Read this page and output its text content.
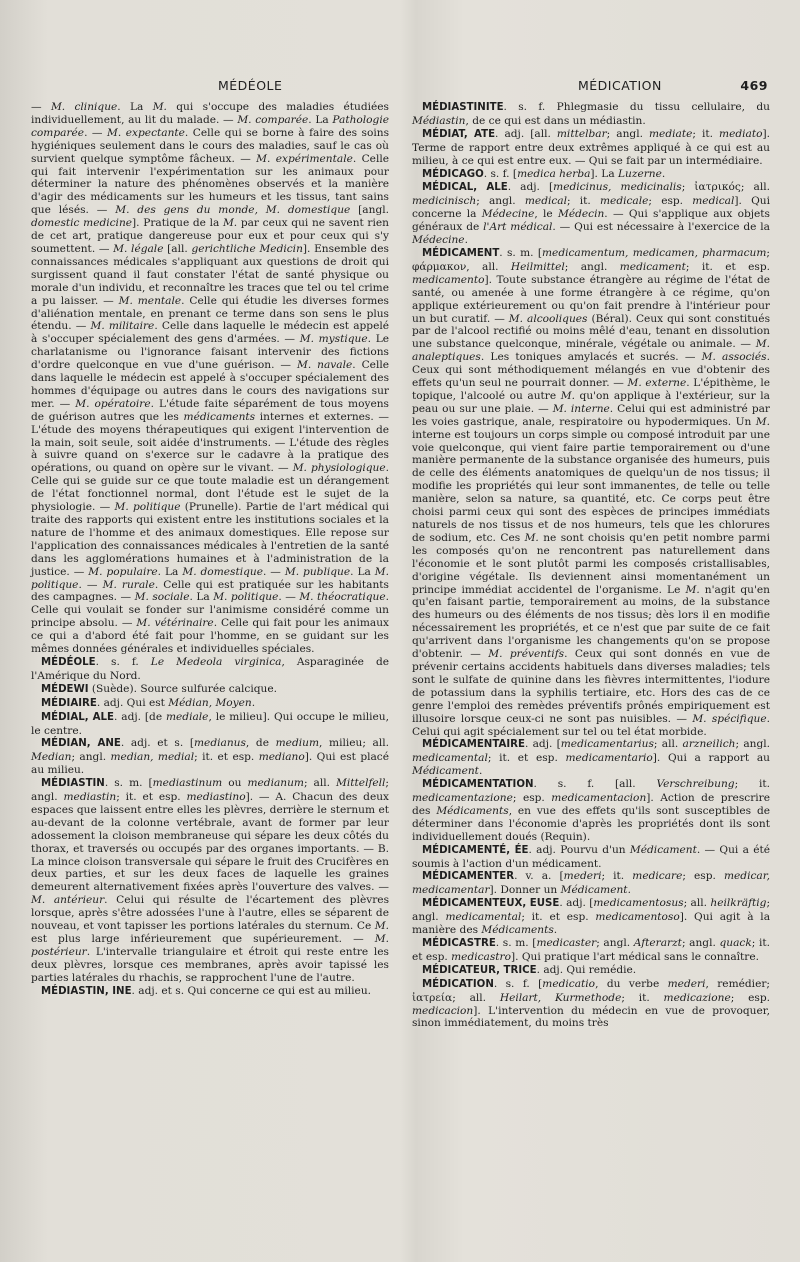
MÉDÉOLE	MÉDICATION	469

— M. clinique. La M. qui s'occupe des maladies étudiées individuellement, au lit du malade. — M. comparée. La Pathologie comparée. — M. expectante. Celle qui se borne à faire des soins hygiéniques seulement dans le cours des maladies, sauf le cas où survient quelque symptôme fâcheux. — M. expérimentale. Celle qui fait intervenir l'expérimentation sur les animaux pour déterminer la nature des phénomènes observés et la manière d'agir des médicaments sur les humeurs et les tissus, tant sains que lésés. — M. des gens du monde, M. domestique [angl. domestic medicine]. Pratique de la M. par ceux qui ne savent rien de cet art, pratique dangereuse pour eux et pour ceux qui s'y soumettent. — M. légale [all. gerichtliche Medicin]. Ensemble des connaissances médicales s'appliquant aux questions de droit qui surgissent quand il faut constater l'état de santé physique ou morale d'un individu, et reconnaître les traces que tel ou tel crime a pu laisser. — M. mentale. Celle qui étudie les diverses formes d'aliénation mentale, en prenant ce terme dans son sens le plus étendu. — M. militaire. Celle dans laquelle le médecin est appelé à s'occuper spécialement des gens d'armées. — M. mystique. Le charlatanisme ou l'ignorance faisant intervenir des fictions d'ordre quelconque en vue d'une guérison. — M. navale. Celle dans laquelle le médecin est appelé à s'occuper spécialement des hommes d'équipage ou autres dans le cours des navigations sur mer. — M. opératoire. L'étude faite séparément de tous moyens de guérison autres que les médicaments internes et externes. — L'étude des moyens thérapeutiques qui exigent l'intervention de la main, soit seule, soit aidée d'instruments. — L'étude des règles à suivre quand on s'exerce sur le cadavre à la pratique des opérations, ou quand on opère sur le vivant. — M. physiologique. Celle qui se guide sur ce que toute maladie est un dérangement de l'état fonctionnel normal, dont l'étude est le sujet de la physiologie. — M. politique (Prunelle). Partie de l'art médical qui traite des rapports qui existent entre les institutions sociales et la nature de l'homme et des animaux domestiques. Elle repose sur l'application des connaissances médicales à l'entretien de la santé dans les agglomérations humaines et à l'administration de la justice. — M. populaire. La M. domestique. — M. publique. La M. politique. — M. rurale. Celle qui est pratiquée sur les habitants des campagnes. — M. sociale. La M. politique. — M. théocratique. Celle qui voulait se fonder sur l'animisme considéré comme un principe absolu. — M. vétérinaire. Celle qui fait pour les animaux ce qui a d'abord été fait pour l'homme, en se guidant sur les mêmes données générales et individuelles spéciales.

MÉDÉOLE. s. f. Le Medeola virginica, Asparaginée de l'Amérique du Nord.

MÉDEWI (Suède). Source sulfurée calcique.

MÉDIAIRE. adj. Qui est Médian, Moyen.

MÉDIAL, ALE. adj. [de mediale, le milieu]. Qui occupe le milieu, le centre.

MÉDIAN, ANE. adj. et s. [medianus, de medium, milieu; all. Median; angl. median, medial; it. et esp. mediano]. Qui est placé au milieu.

MÉDIASTIN. s. m. [mediastinum ou medianum; all. Mittelfell; angl. mediastin; it. et esp. mediastino]. — A. Chacun des deux espaces que laissent entre elles les plèvres, derrière le sternum et au-devant de la colonne vertébrale, avant de former par leur adossement la cloison membraneuse qui sépare les deux côtés du thorax, et traversés ou occupés par des organes importants. — B. La mince cloison transversale qui sépare le fruit des Crucifères en deux parties, et sur les deux faces de laquelle les graines demeurent alternativement fixées après l'ouverture des valves. — M. antérieur. Celui qui résulte de l'écartement des plèvres lorsque, après s'être adossées l'une à l'autre, elles se séparent de nouveau, et vont tapisser les portions latérales du sternum. Ce M. est plus large inférieurement que supérieurement. — M. postérieur. L'intervalle triangulaire et étroit qui reste entre les deux plèvres, lorsque ces membranes, après avoir tapissé les parties latérales du rhachis, se rapprochent l'une de l'autre.

MÉDIASTIN, INE. adj. et s. Qui concerne ce qui est au milieu.

MÉDIASTINITE. s. f. Phlegmasie du tissu cellulaire, du Médiastin, de ce qui est dans un médiastin.

MÉDIAT, ATE. adj. [all. mittelbar; angl. mediate; it. mediato]. Terme de rapport entre deux extrêmes appliqué à ce qui est au milieu, à ce qui est entre eux. — Qui se fait par un intermédiaire.

MÉDICAGO. s. f. [medica herba]. La Luzerne.

MÉDICAL, ALE. adj. [medicinus, medicinalis; ἰατρικός; all. medicinisch; angl. medical; it. medicale; esp. medical]. Qui concerne la Médecine, le Médecin. — Qui s'applique aux objets généraux de l'Art médical. — Qui est nécessaire à l'exercice de la Médecine.

MÉDICAMENT. s. m. [medicamentum, medicamen, pharmacum; φάρμακον, all. Heilmittel; angl. medicament; it. et esp. medicamento]. Toute substance étrangère au régime de l'état de santé, ou amenée à une forme étrangère à ce régime, qu'on applique extérieurement ou qu'on fait prendre à l'intérieur pour un but curatif. — M. alcooliques (Béral). Ceux qui sont constitués par de l'alcool rectifié ou moins mêlé d'eau, tenant en dissolution une substance quelconque, minérale, végétale ou animale. — M. analeptiques. Les toniques amylacés et sucrés. — M. associés. Ceux qui sont méthodiquement mélangés en vue d'obtenir des effets qu'un seul ne pourrait donner. — M. externe. L'épithème, le topique, l'alcoolé ou autre M. qu'on applique à l'extérieur, sur la peau ou sur une plaie. — M. interne. Celui qui est administré par les voies gastrique, anale, respiratoire ou hypodermiques. Un M. interne est toujours un corps simple ou composé introduit par une voie quelconque, qui vient faire partie temporairement ou d'une manière permanente de la substance organisée des humeurs, puis de celle des éléments anatomiques de quelqu'un de nos tissus; il modifie les propriétés qui leur sont immanentes, de telle ou telle manière, selon sa nature, sa quantité, etc. Ce corps peut être choisi parmi ceux qui sont des espèces de principes immédiats naturels de nos tissus et de nos humeurs, tels que les chlorures de sodium, etc. Ces M. ne sont choisis qu'en petit nombre parmi les composés qu'on ne rencontrent pas naturellement dans l'économie et le sont plutôt parmi les composés cristallisables, d'origine végétale. Ils deviennent ainsi momentanément un principe immédiat accidentel de l'organisme. Le M. n'agit qu'en qu'en faisant partie, temporairement au moins, de la substance des humeurs ou des éléments de nos tissus; dès lors il en modifie nécessairement les propriétés, et ce n'est que par suite de ce fait qu'arrivent dans l'organisme les changements qu'on se propose d'obtenir. — M. préventifs. Ceux qui sont donnés en vue de prévenir certains accidents habituels dans diverses maladies; tels sont le sulfate de quinine dans les fièvres intermittentes, l'iodure de potassium dans la syphilis tertiaire, etc. Hors des cas de ce genre l'emploi des remèdes préventifs prônés empiriquement est illusoire lorsque ceux-ci ne sont pas nuisibles. — M. spécifique. Celui qui agit spécialement sur tel ou tel état morbide.

MÉDICAMENTAIRE. adj. [medicamentarius; all. arzneilich; angl. medicamental; it. et esp. medicamentario]. Qui a rapport au Médicament.

MÉDICAMENTATION. s. f. [all. Verschreibung; it. medicamentazione; esp. medicamentacion]. Action de prescrire des Médicaments, en vue des effets qu'ils sont susceptibles de déterminer dans l'économie d'après les propriétés dont ils sont individuellement doués (Requin).

MÉDICAMENTÉ, ÉE. adj. Pourvu d'un Médicament. — Qui a été soumis à l'action d'un médicament.

MÉDICAMENTER. v. a. [mederi; it. medicare; esp. medicar, medicamentar]. Donner un Médicament.

MÉDICAMENTEUX, EUSE. adj. [medicamentosus; all. heilkräftig; angl. medicamental; it. et esp. medicamentoso]. Qui agit à la manière des Médicaments.

MÉDICASTRE. s. m. [medicaster; angl. Afterarzt; angl. quack; it. et esp. medicastro]. Qui pratique l'art médical sans le connaître.

MÉDICATEUR, TRICE. adj. Qui remédie.

MÉDICATION. s. f. [medicatio, du verbe mederi, remédier; ἰατρεία; all. Heilart, Kurmethode; it. medicazione; esp. medicacion]. L'intervention du médecin en vue de provoquer, sinon immédiatement, du moins très
